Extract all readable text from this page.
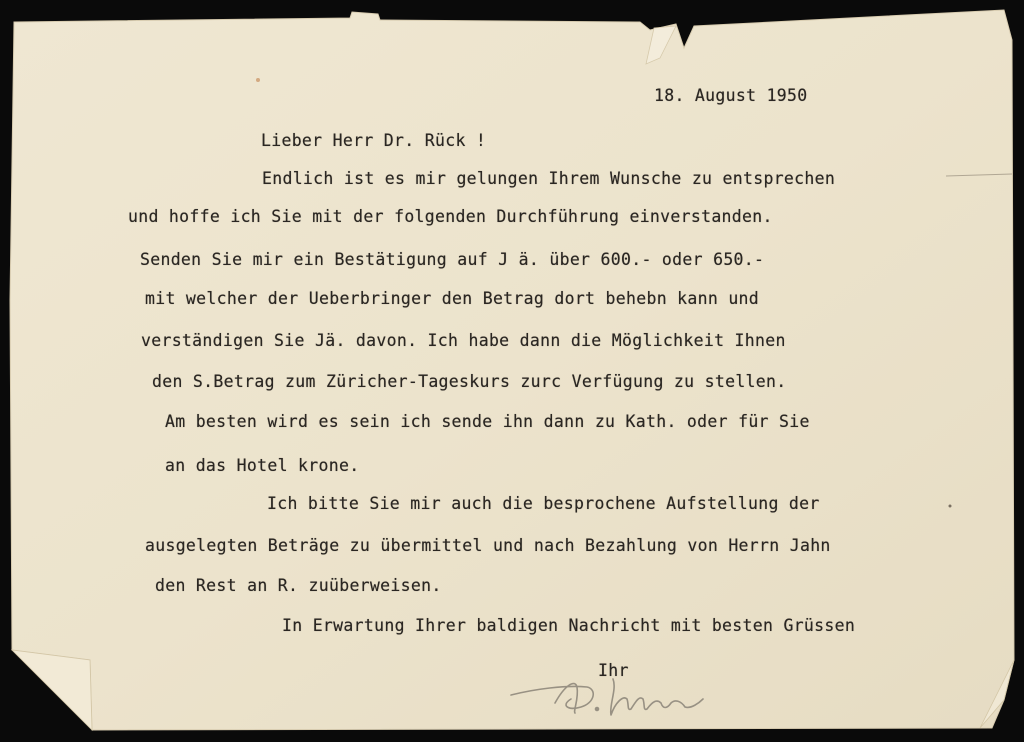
18. August 1950
Lieber Herr Dr. Rück !
Endlich ist es mir gelungen Ihrem Wunsche zu entsprechen
und hoffe ich Sie mit der folgenden Durchführung einverstanden.
Senden Sie mir ein Bestätigung auf J ä. über 600.- oder 650.-
mit welcher der Ueberbringer den Betrag dort behebn kann und
verständigen Sie Jä. davon. Ich habe dann die Möglichkeit Ihnen
den S.Betrag zum Züricher-Tageskurs zurc Verfügung zu stellen.
Am besten wird es sein ich sende ihn dann zu Kath. oder für Sie
an das Hotel krone.
Ich bitte Sie mir auch die besprochene Aufstellung der
ausgelegten Beträge zu übermittel und nach Bezahlung von Herrn Jahn
den Rest an R. zuüberweisen.
In Erwartung Ihrer baldigen Nachricht mit besten Grüssen
Ihr
